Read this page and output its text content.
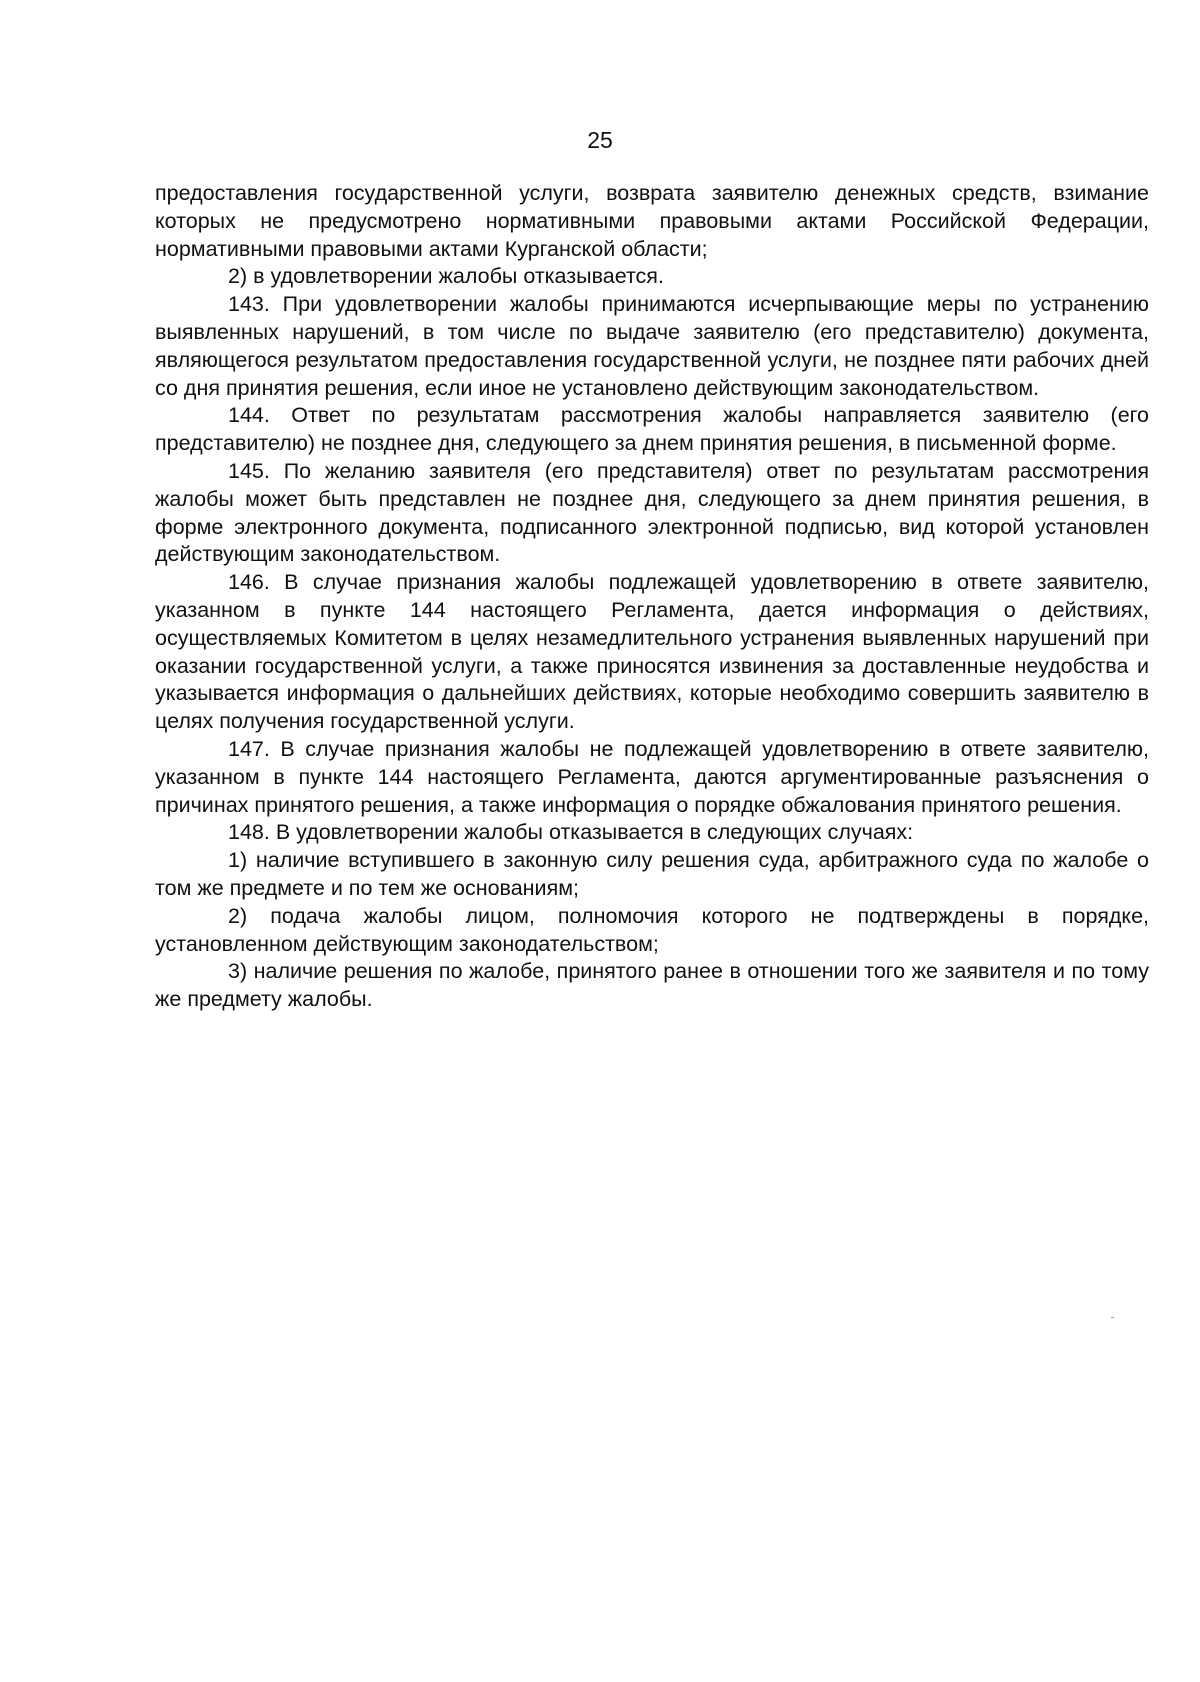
25

предоставления государственной услуги, возврата заявителю денежных средств, взимание которых не предусмотрено нормативными правовыми актами Российской Федерации, нормативными правовыми актами Курганской области;

2) в удовлетворении жалобы отказывается.

143. При удовлетворении жалобы принимаются исчерпывающие меры по устранению выявленных нарушений, в том числе по выдаче заявителю (его представителю) документа, являющегося результатом предоставления государственной услуги, не позднее пяти рабочих дней со дня принятия решения, если иное не установлено действующим законодательством.

144. Ответ по результатам рассмотрения жалобы направляется заявителю (его представителю) не позднее дня, следующего за днем принятия решения, в письменной форме.

145. По желанию заявителя (его представителя) ответ по результатам рассмотрения жалобы может быть представлен не позднее дня, следующего за днем принятия решения, в форме электронного документа, подписанного электронной подписью, вид которой установлен действующим законодательством.

146. В случае признания жалобы подлежащей удовлетворению в ответе заявителю, указанном в пункте 144 настоящего Регламента, дается информация о действиях, осуществляемых Комитетом в целях незамедлительного устранения выявленных нарушений при оказании государственной услуги, а также приносятся извинения за доставленные неудобства и указывается информация о дальнейших действиях, которые необходимо совершить заявителю в целях получения государственной услуги.

147. В случае признания жалобы не подлежащей удовлетворению в ответе заявителю, указанном в пункте 144 настоящего Регламента, даются аргументированные разъяснения о причинах принятого решения, а также информация о порядке обжалования принятого решения.

148. В удовлетворении жалобы отказывается в следующих случаях:

1) наличие вступившего в законную силу решения суда, арбитражного суда по жалобе о том же предмете и по тем же основаниям;

2) подача жалобы лицом, полномочия которого не подтверждены в порядке, установленном действующим законодательством;

3) наличие решения по жалобе, принятого ранее в отношении того же заявителя и по тому же предмету жалобы.
